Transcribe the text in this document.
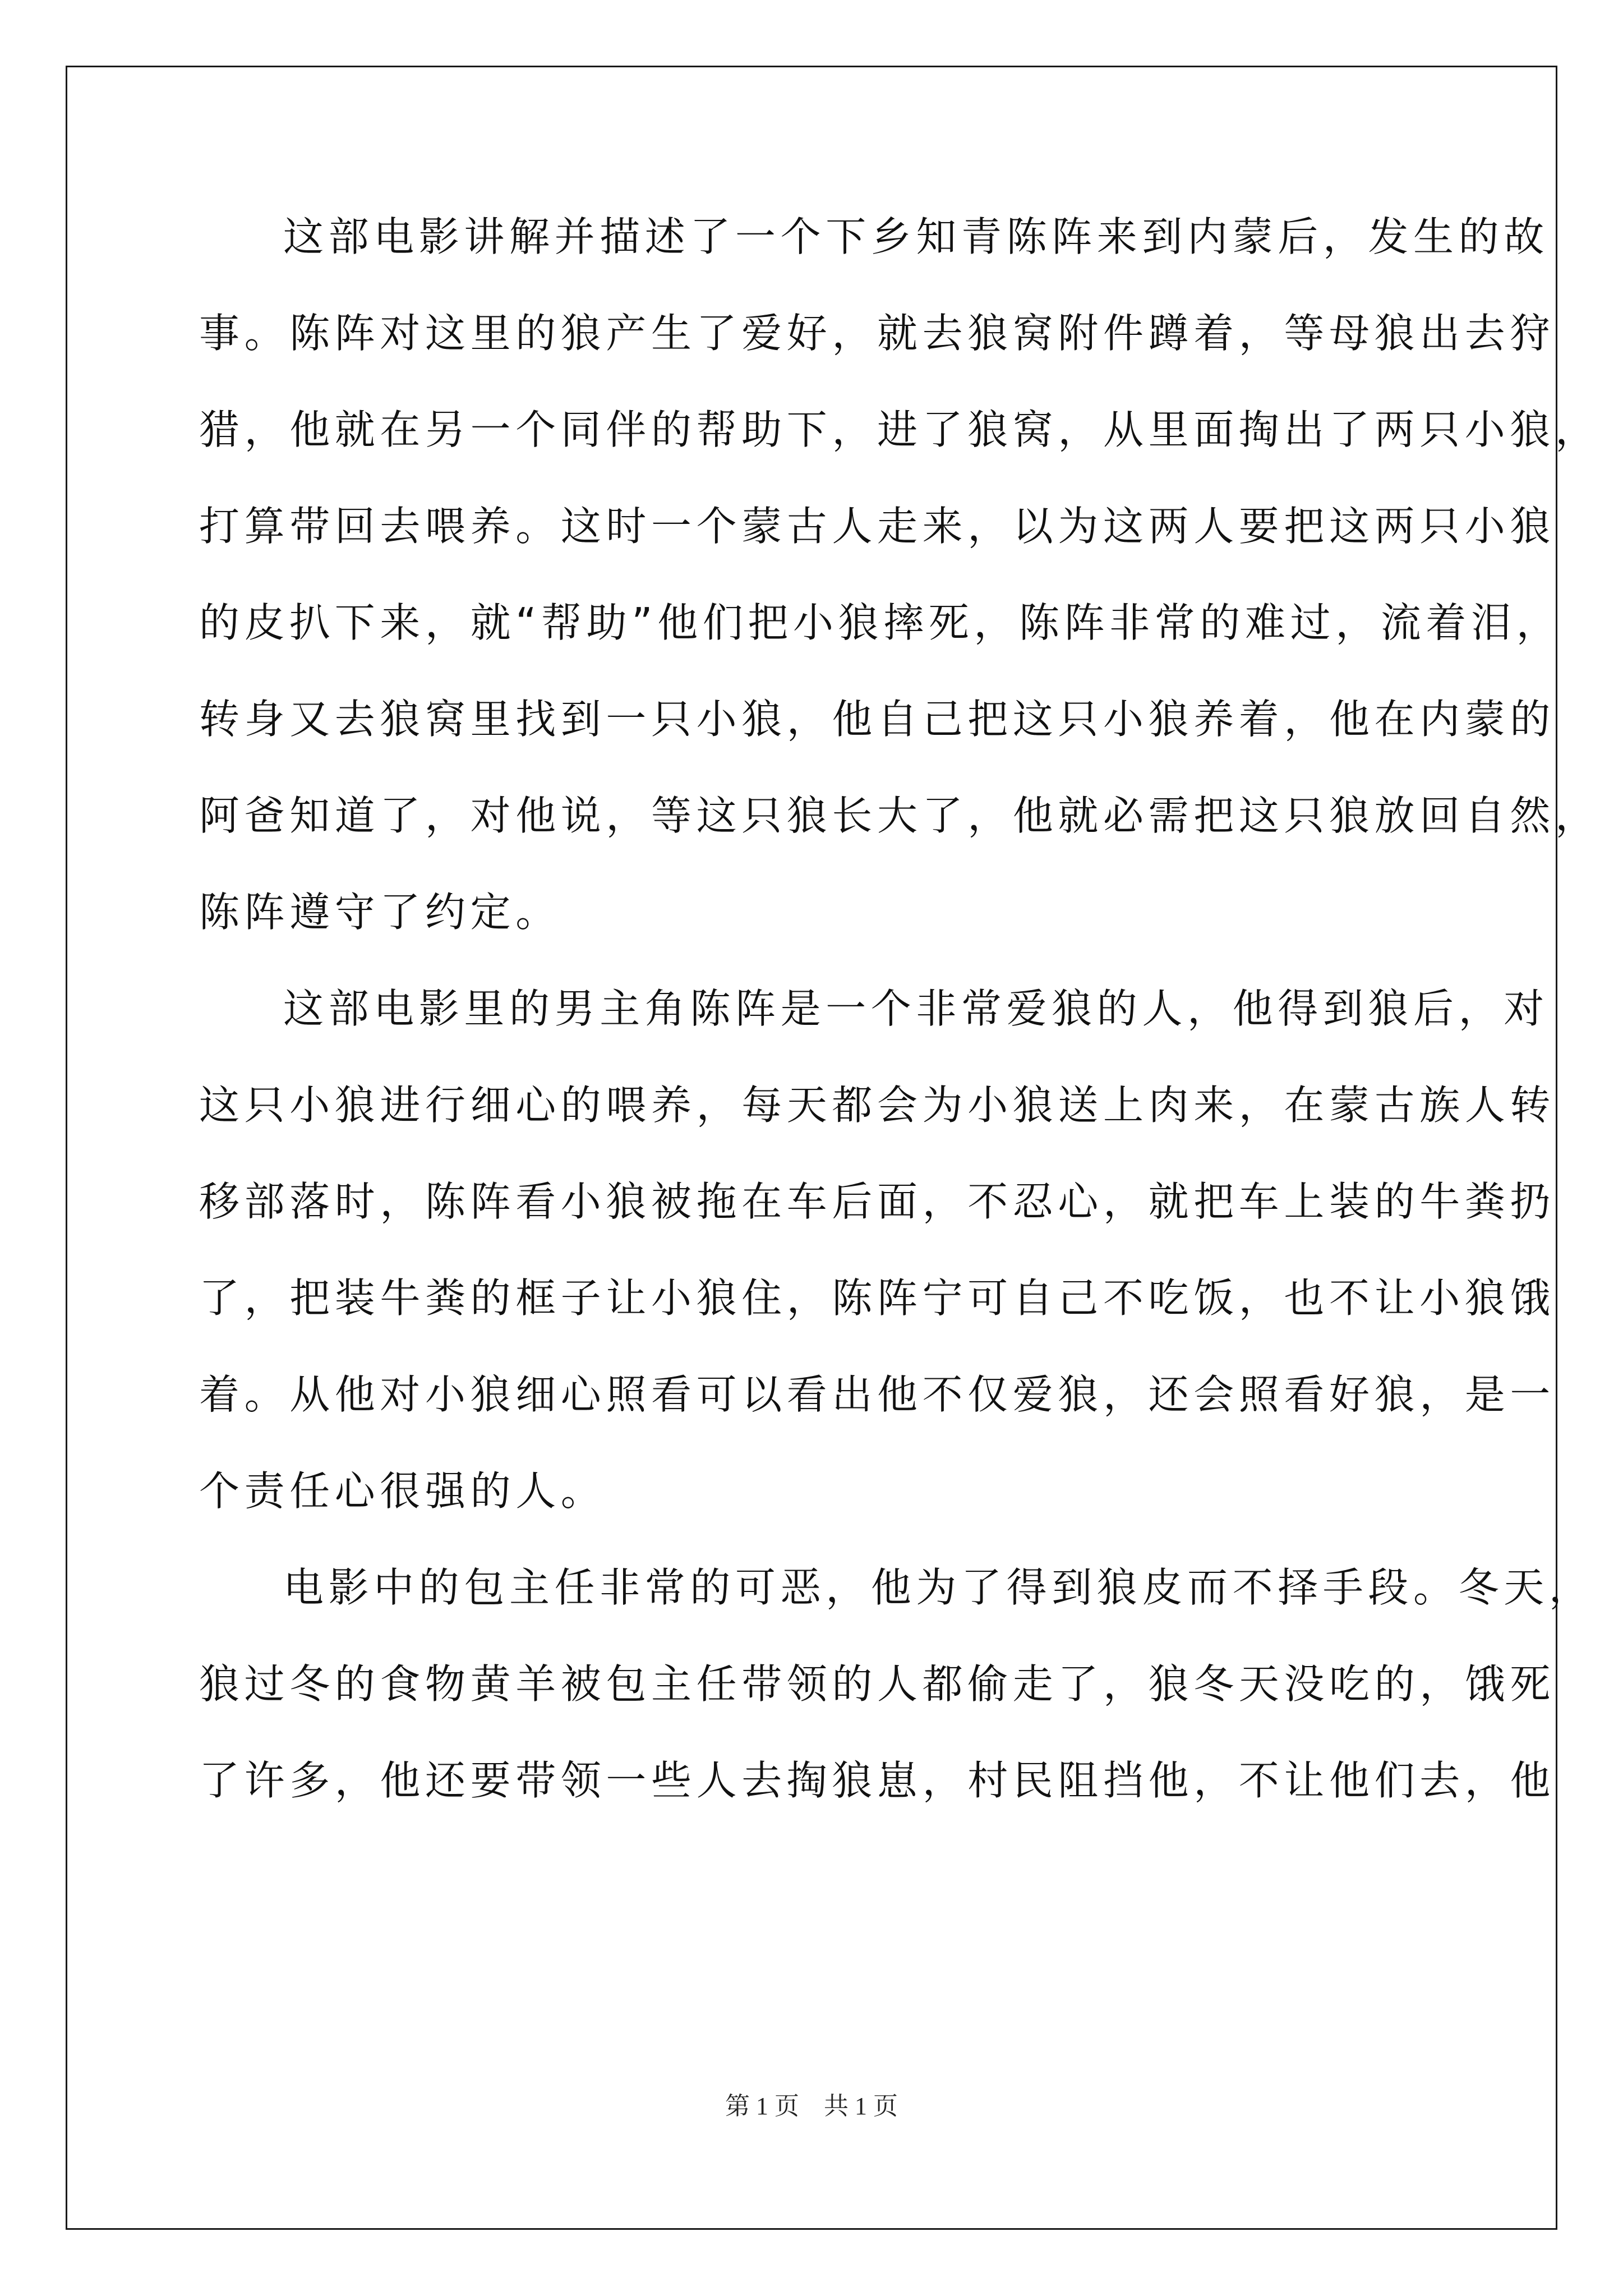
这部电影讲解并描述了一个下乡知青陈阵来到内蒙后，发生的故
事。陈阵对这里的狼产生了爱好，就去狼窝附件蹲着，等母狼出去狩
猎，他就在另一个同伴的帮助下，进了狼窝，从里面掏出了两只小狼，
打算带回去喂养。这时一个蒙古人走来，以为这两人要把这两只小狼
的皮扒下来，就“帮助”他们把小狼摔死，陈阵非常的难过，流着泪，
转身又去狼窝里找到一只小狼，他自己把这只小狼养着，他在内蒙的
阿爸知道了，对他说，等这只狼长大了，他就必需把这只狼放回自然，
陈阵遵守了约定。
这部电影里的男主角陈阵是一个非常爱狼的人，他得到狼后，对
这只小狼进行细心的喂养，每天都会为小狼送上肉来，在蒙古族人转
移部落时，陈阵看小狼被拖在车后面，不忍心，就把车上装的牛粪扔
了，把装牛粪的框子让小狼住，陈阵宁可自己不吃饭，也不让小狼饿
着。从他对小狼细心照看可以看出他不仅爱狼，还会照看好狼，是一
个责任心很强的人。
电影中的包主任非常的可恶，他为了得到狼皮而不择手段。冬天，
狼过冬的食物黄羊被包主任带领的人都偷走了，狼冬天没吃的，饿死
了许多，他还要带领一些人去掏狼崽，村民阻挡他，不让他们去，他
第 1 页    共 1 页
